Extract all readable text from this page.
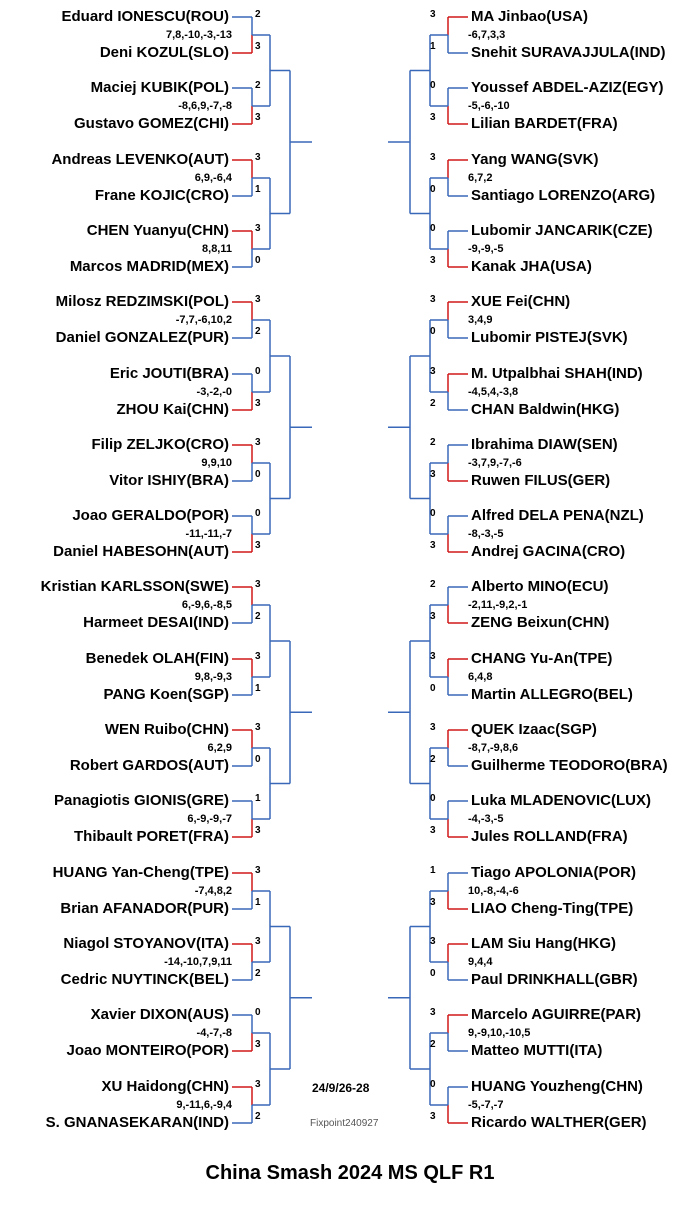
24/9/26-28
Fixpoint240927
China Smash 2024 MS QLF R1
Eduard IONESCU(ROU)
Deni KOZUL(SLO)
7,8,-10,-3,-13
2
3
Maciej KUBIK(POL)
Gustavo GOMEZ(CHI)
-8,6,9,-7,-8
2
3
Andreas LEVENKO(AUT)
Frane KOJIC(CRO)
6,9,-6,4
3
1
CHEN Yuanyu(CHN)
Marcos MADRID(MEX)
8,8,11
3
0
Milosz REDZIMSKI(POL)
Daniel GONZALEZ(PUR)
-7,7,-6,10,2
3
2
Eric JOUTI(BRA)
ZHOU Kai(CHN)
-3,-2,-0
0
3
Filip ZELJKO(CRO)
Vitor ISHIY(BRA)
9,9,10
3
0
Joao GERALDO(POR)
Daniel HABESOHN(AUT)
-11,-11,-7
0
3
Kristian KARLSSON(SWE)
Harmeet DESAI(IND)
6,-9,6,-8,5
3
2
Benedek OLAH(FIN)
PANG Koen(SGP)
9,8,-9,3
3
1
WEN Ruibo(CHN)
Robert GARDOS(AUT)
6,2,9
3
0
Panagiotis GIONIS(GRE)
Thibault PORET(FRA)
6,-9,-9,-7
1
3
HUANG Yan-Cheng(TPE)
Brian AFANADOR(PUR)
-7,4,8,2
3
1
Niagol STOYANOV(ITA)
Cedric NUYTINCK(BEL)
-14,-10,7,9,11
3
2
Xavier DIXON(AUS)
Joao MONTEIRO(POR)
-4,-7,-8
0
3
XU Haidong(CHN)
S. GNANASEKARAN(IND)
9,-11,6,-9,4
3
2
MA Jinbao(USA)
Snehit SURAVAJJULA(IND)
-6,7,3,3
3
1
Youssef ABDEL-AZIZ(EGY)
Lilian BARDET(FRA)
-5,-6,-10
0
3
Yang WANG(SVK)
Santiago LORENZO(ARG)
6,7,2
3
0
Lubomir JANCARIK(CZE)
Kanak JHA(USA)
-9,-9,-5
0
3
XUE Fei(CHN)
Lubomir PISTEJ(SVK)
3,4,9
3
0
M. Utpalbhai SHAH(IND)
CHAN Baldwin(HKG)
-4,5,4,-3,8
3
2
Ibrahima DIAW(SEN)
Ruwen FILUS(GER)
-3,7,9,-7,-6
2
3
Alfred DELA PENA(NZL)
Andrej GACINA(CRO)
-8,-3,-5
0
3
Alberto MINO(ECU)
ZENG Beixun(CHN)
-2,11,-9,2,-1
2
3
CHANG Yu-An(TPE)
Martin ALLEGRO(BEL)
6,4,8
3
0
QUEK Izaac(SGP)
Guilherme TEODORO(BRA)
-8,7,-9,8,6
3
2
Luka MLADENOVIC(LUX)
Jules ROLLAND(FRA)
-4,-3,-5
0
3
Tiago APOLONIA(POR)
LIAO Cheng-Ting(TPE)
10,-8,-4,-6
1
3
LAM Siu Hang(HKG)
Paul DRINKHALL(GBR)
9,4,4
3
0
Marcelo AGUIRRE(PAR)
Matteo MUTTI(ITA)
9,-9,10,-10,5
3
2
HUANG Youzheng(CHN)
Ricardo WALTHER(GER)
-5,-7,-7
0
3
